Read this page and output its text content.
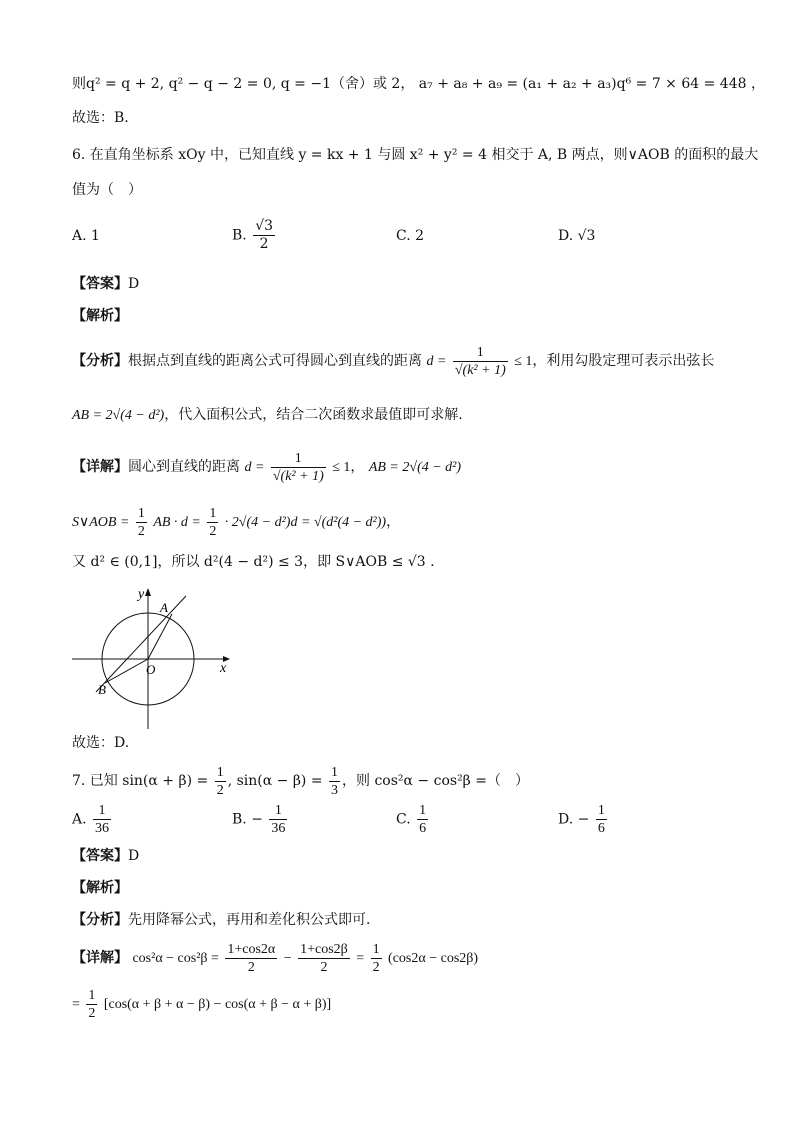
则q² = q + 2, q² − q − 2 = 0, q = −1（舍）或 2， a₇ + a₈ + a₉ = (a₁ + a₂ + a₃)q⁶ = 7 × 64 = 448 ，
故选：B.
6. 在直角坐标系 xOy 中，已知直线 y = kx + 1 与圆 x² + y² = 4 相交于 A, B 两点，则∨AOB 的面积的最大
值为（　）
A. 1	B. $\frac{√3}{2}$	C. 2	D. √3
【答案】D
【解析】
【分析】根据点到直线的距离公式可得圆心到直线的距离 $d = \frac{1}{\text{√(k² + 1)}} \le 1$，利用勾股定理可表示出弦长
AB = 2√(4 − d²)，代入面积公式，结合二次函数求最值即可求解.
【详解】圆心到直线的距离 $d = \frac{1}{\text{√(k² + 1)}} \le 1$， AB = 2√(4 − d²)
S∨AOB = $\frac{1}{2}$ AB · $d = \frac{1}{2} \cdot 2√(4 - d^2)d = √(d^2(4 - d^2))$，
又 d² ∈ (0,1]，所以 d²(4 − d²) ≤ 3，即 S∨AOB ≤ √3 .
x
y
O
A
B
故选：D.
7. 已知 $\sin(\alpha + \beta) = \frac{1}{2}$ , $\sin(\alpha - \beta) = \frac{1}{3}$ ，则 cos²α − cos²β =（　）
A. $\frac{1}{36}$	B. − $\frac{1}{36}$	C. $\frac{1}{6}$	D. − $\frac{1}{6}$
【答案】D
【解析】
【分析】先用降幂公式，再用和差化积公式即可.
【详解】 $\cos^2\alpha - \cos^2\beta = \frac{1+\cos 2\alpha}{2} - \frac{1+\cos 2\beta}{2} = \frac{1}{2} (\cos 2\alpha - \cos 2\beta)$
= $\frac{1}{2} [\cos(\alpha + \beta + \alpha - \beta) - \cos(\alpha + \beta - \alpha + \beta)]$
